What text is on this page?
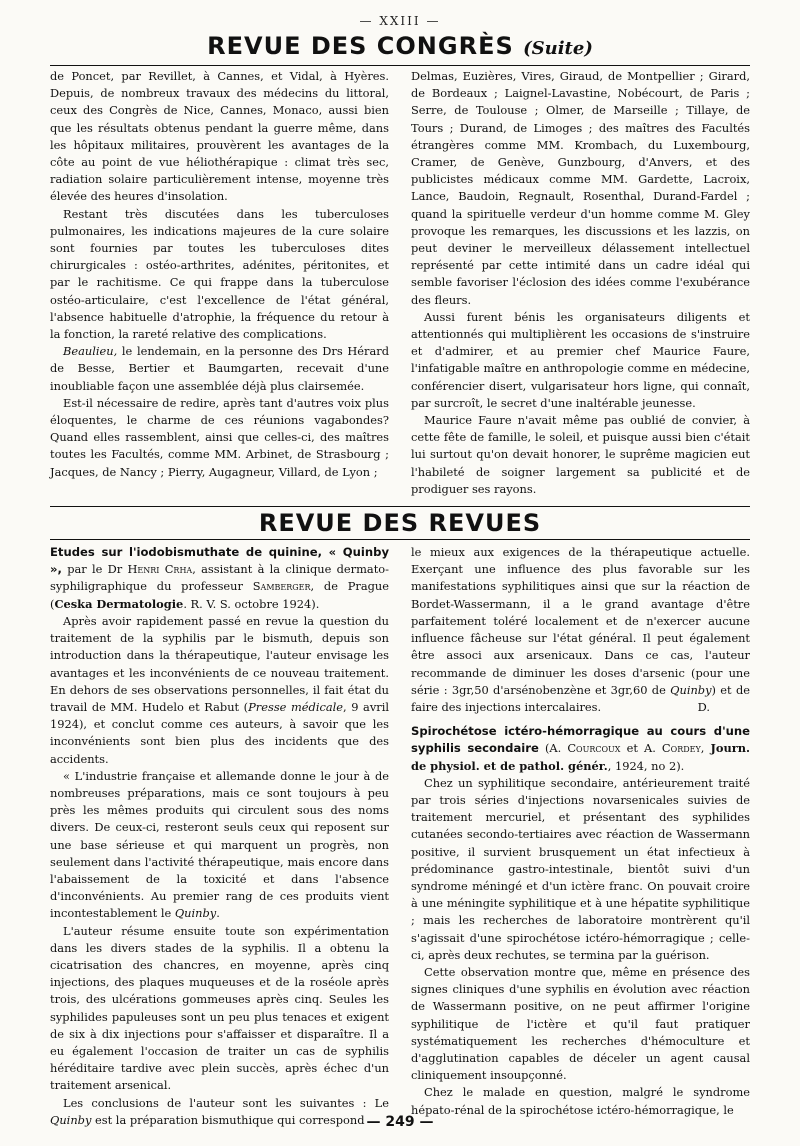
— XXIII —
REVUE DES CONGRÈS (Suite)

de Poncet, par Revillet, à Cannes, et Vidal, à Hyères. Depuis, de nombreux travaux des médecins du littoral, ceux des Congrès de Nice, Cannes, Monaco, aussi bien que les résultats obtenus pendant la guerre même, dans les hôpitaux militaires, prouvèrent les avantages de la côte au point de vue héliothérapique : climat très sec, radiation solaire particulièrement intense, moyenne très élevée des heures d'insolation.

Restant très discutées dans les tuberculoses pulmonaires, les indications majeures de la cure solaire sont fournies par toutes les tuberculoses dites chirurgicales : ostéo-arthrites, adénites, péritonites, et par le rachitisme. Ce qui frappe dans la tuberculose ostéo-articulaire, c'est l'excellence de l'état général, l'absence habituelle d'atrophie, la fréquence du retour à la fonction, la rareté relative des complications.

Beaulieu, le lendemain, en la personne des Drs Hérard de Besse, Bertier et Baumgarten, recevait d'une inoubliable façon une assemblée déjà plus clairsemée.

Est-il nécessaire de redire, après tant d'autres voix plus éloquentes, le charme de ces réunions vagabondes? Quand elles rassemblent, ainsi que celles-ci, des maîtres toutes les Facultés, comme MM. Arbinet, de Strasbourg ; Jacques, de Nancy ; Pierry, Augagneur, Villard, de Lyon ;

Delmas, Euzières, Vires, Giraud, de Montpellier ; Girard, de Bordeaux ; Laignel-Lavastine, Nobécourt, de Paris ; Serre, de Toulouse ; Olmer, de Marseille ; Tillaye, de Tours ; Durand, de Limoges ; des maîtres des Facultés étrangères comme MM. Krombach, du Luxembourg, Cramer, de Genève, Gunzbourg, d'Anvers, et des publicistes médicaux comme MM. Gardette, Lacroix, Lance, Baudoin, Regnault, Rosenthal, Durand-Fardel ; quand la spirituelle verdeur d'un homme comme M. Gley provoque les remarques, les discussions et les lazzis, on peut deviner le merveilleux délassement intellectuel représenté par cette intimité dans un cadre idéal qui semble favoriser l'éclosion des idées comme l'exubérance des fleurs.

Aussi furent bénis les organisateurs diligents et attentionnés qui multiplièrent les occasions de s'instruire et d'admirer, et au premier chef Maurice Faure, l'infatigable maître en anthropologie comme en médecine, conférencier disert, vulgarisateur hors ligne, qui connaît, par surcroît, le secret d'une inaltérable jeunesse.

Maurice Faure n'avait même pas oublié de convier, à cette fête de famille, le soleil, et puisque aussi bien c'était lui surtout qu'on devait honorer, le suprême magicien eut l'habileté de soigner largement sa publicité et de prodiguer ses rayons.

REVUE DES REVUES

Etudes sur l'iodobismuthate de quinine, « Quinby », par le Dr Henri Crha, assistant à la clinique dermato-syphiligraphique du professeur Samberger, de Prague (Ceska Dermatologie. R. V. S. octobre 1924).

Après avoir rapidement passé en revue la question du traitement de la syphilis par le bismuth, depuis son introduction dans la thérapeutique, l'auteur envisage les avantages et les inconvénients de ce nouveau traitement. En dehors de ses observations personnelles, il fait état du travail de MM. Hudelo et Rabut (Presse médicale, 9 avril 1924), et conclut comme ces auteurs, à savoir que les inconvénients sont bien plus des incidents que des accidents.

« L'industrie française et allemande donne le jour à de nombreuses préparations, mais ce sont toujours à peu près les mêmes produits qui circulent sous des noms divers. De ceux-ci, resteront seuls ceux qui reposent sur une base sérieuse et qui marquent un progrès, non seulement dans l'activité thérapeutique, mais encore dans l'abaissement de la toxicité et dans l'absence d'inconvénients. Au premier rang de ces produits vient incontestablement le Quinby.

L'auteur résume ensuite toute son expérimentation dans les divers stades de la syphilis. Il a obtenu la cicatrisation des chancres, en moyenne, après cinq injections, des plaques muqueuses et de la roséole après trois, des ulcérations gommeuses après cinq. Seules les syphilides papuleuses sont un peu plus tenaces et exigent de six à dix injections pour s'affaisser et disparaître. Il a eu également l'occasion de traiter un cas de syphilis héréditaire tardive avec plein succès, après échec d'un traitement arsenical.

Les conclusions de l'auteur sont les suivantes : Le Quinby est la préparation bismuthique qui correspond

le mieux aux exigences de la thérapeutique actuelle. Exerçant une influence des plus favorable sur les manifestations syphilitiques ainsi que sur la réaction de Bordet-Wassermann, il a le grand avantage d'être parfaitement toléré localement et de n'exercer aucune influence fâcheuse sur l'état général. Il peut également être associ aux arsenicaux. Dans ce cas, l'auteur recommande de diminuer les doses d'arsenic (pour une série : 3gr,50 d'arsénobenzène et 3gr,60 de Quinby) et de faire des injections intercalaires.	D.

Spirochétose ictéro-hémorragique au cours d'une syphilis secondaire (A. Courcoux et A. Cordey, Journ. de physiol. et de pathol. génér., 1924, no 2).

Chez un syphilitique secondaire, antérieurement traité par trois séries d'injections novarsenicales suivies de traitement mercuriel, et présentant des syphilides cutanées secondo-tertiaires avec réaction de Wassermann positive, il survient brusquement un état infectieux à prédominance gastro-intestinale, bientôt suivi d'un syndrome méningé et d'un ictère franc. On pouvait croire à une méningite syphilitique et à une hépatite syphilitique ; mais les recherches de laboratoire montrèrent qu'il s'agissait d'une spirochétose ictéro-hémorragique ; celle-ci, après deux rechutes, se termina par la guérison.

Cette observation montre que, même en présence des signes cliniques d'une syphilis en évolution avec réaction de Wassermann positive, on ne peut affirmer l'origine syphilitique de l'ictère et qu'il faut pratiquer systématiquement les recherches d'hémoculture et d'agglutination capables de déceler un agent causal cliniquement insoupçonné.

Chez le malade en question, malgré le syndrome hépato-rénal de la spirochétose ictéro-hémorragique, le

— 249 —
